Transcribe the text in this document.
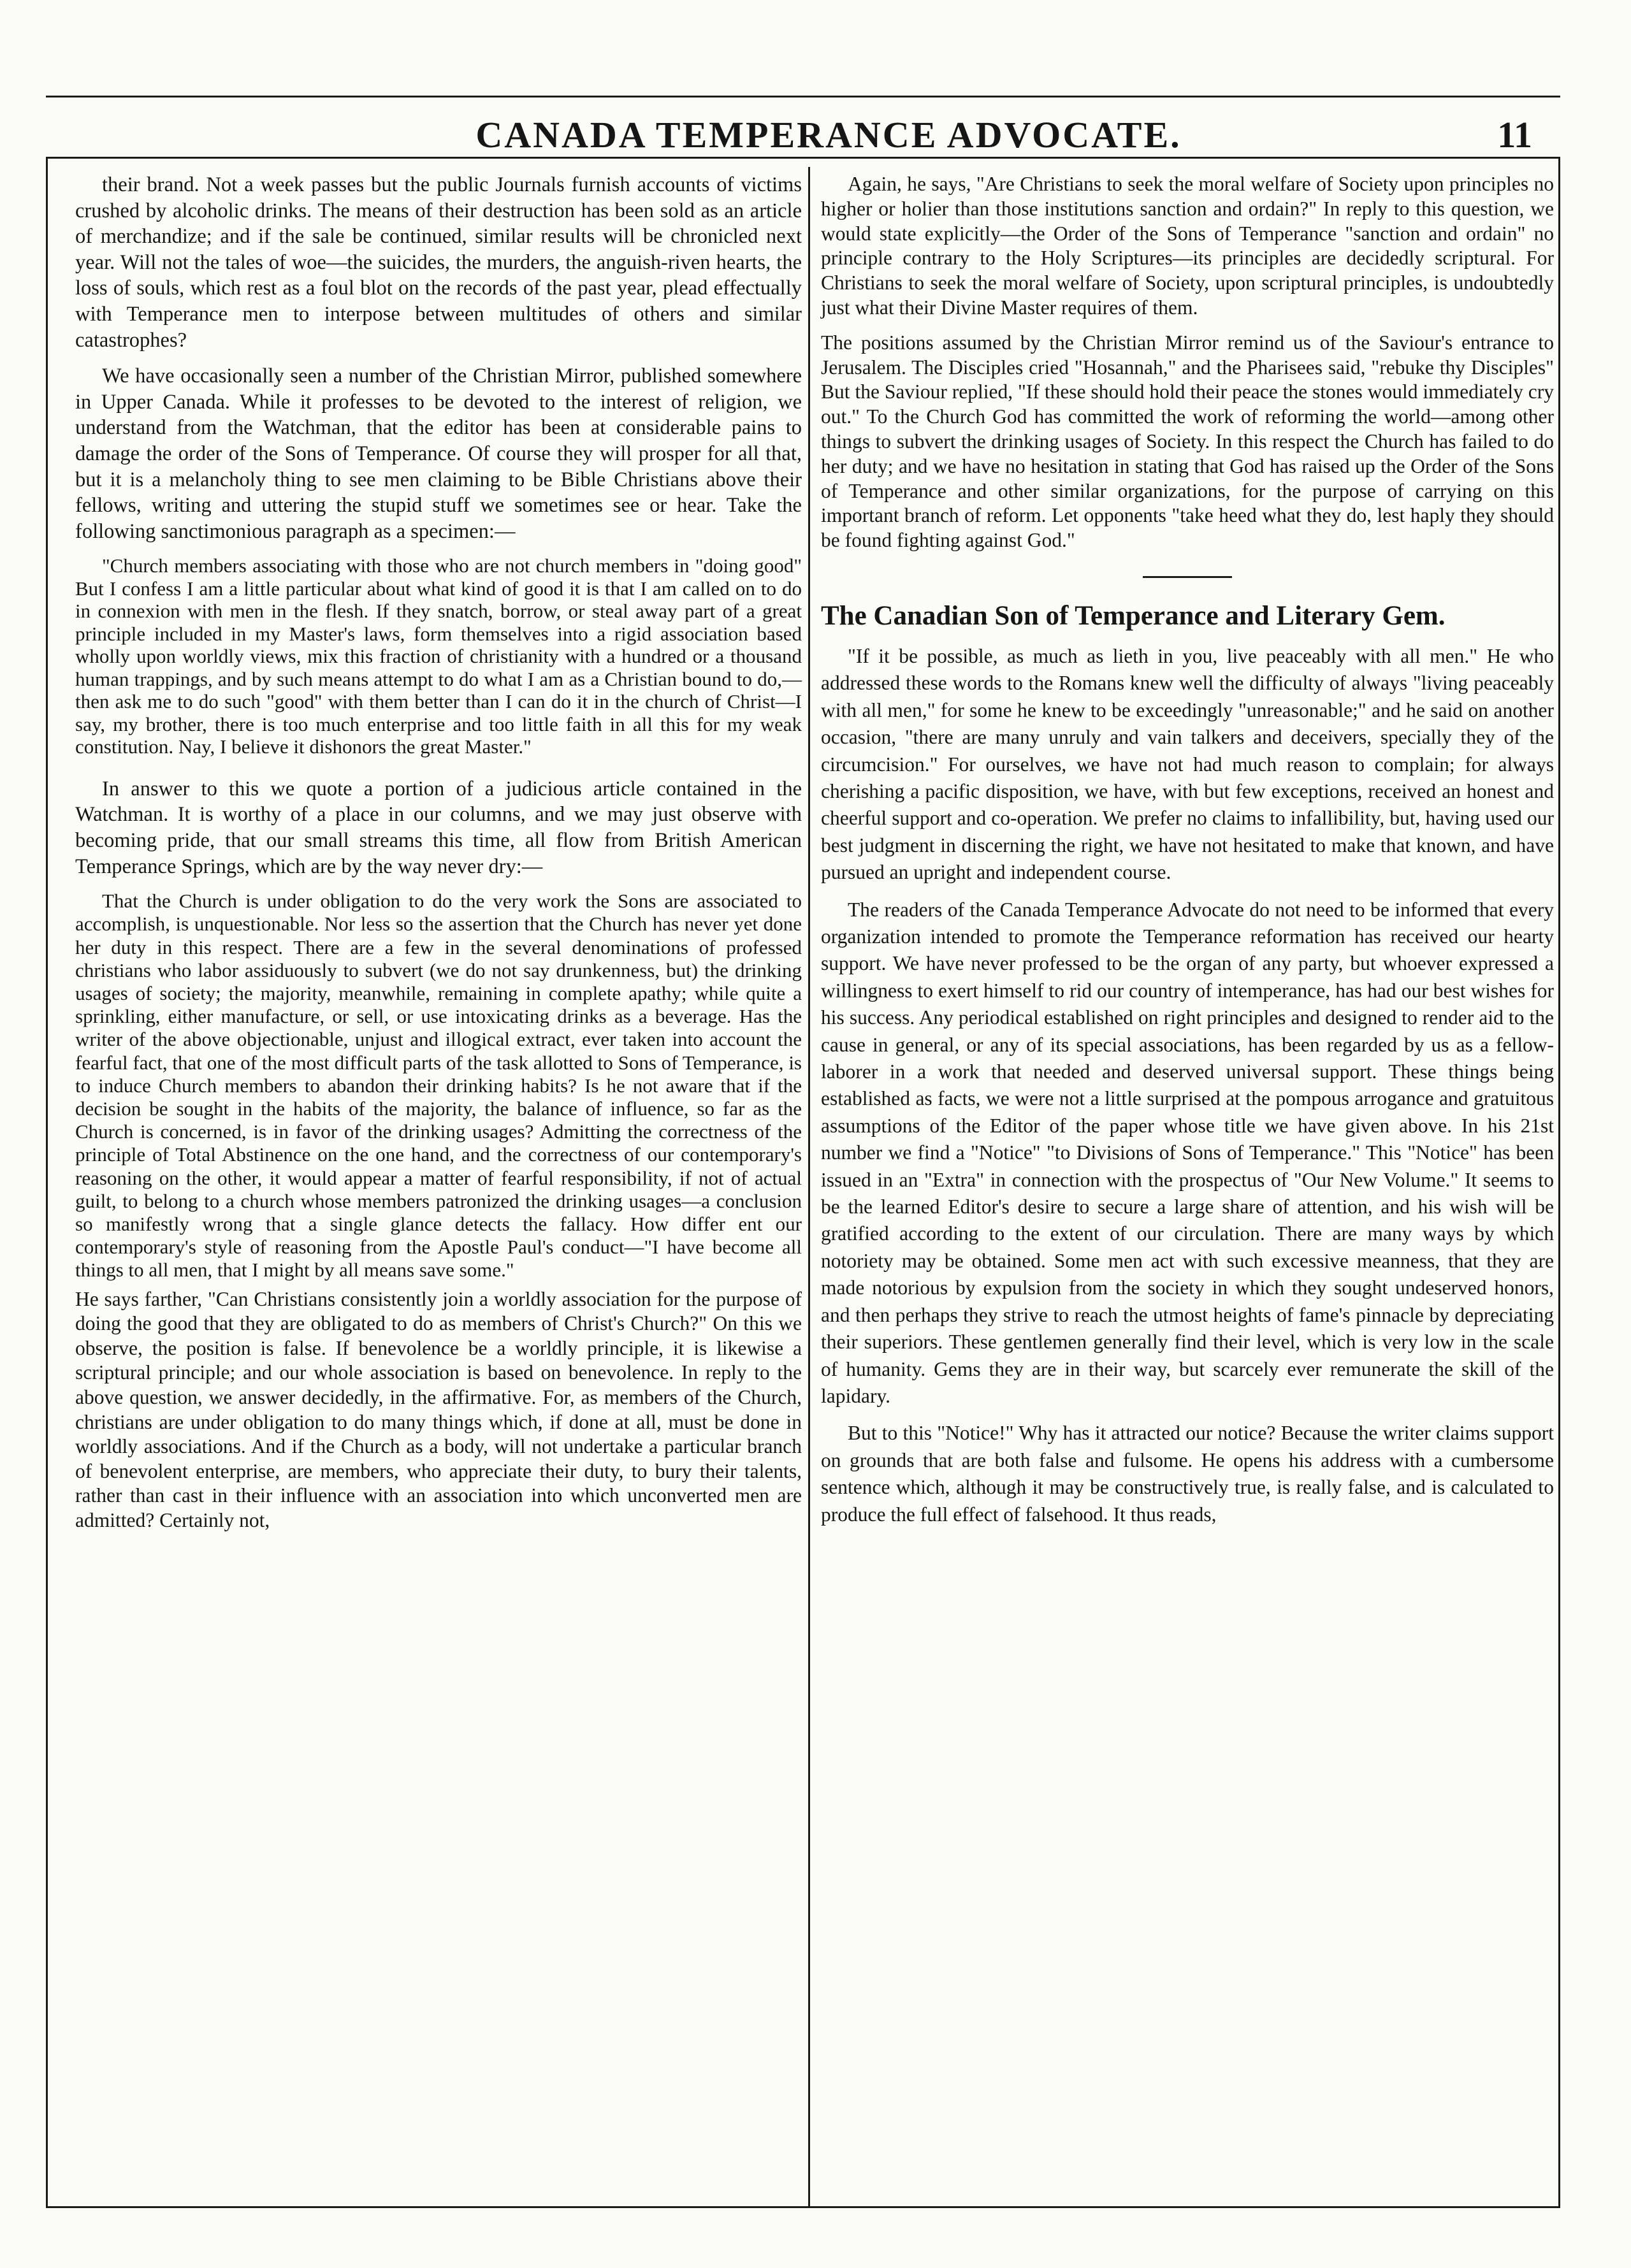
CANADA TEMPERANCE ADVOCATE.	11

their brand. Not a week passes but the public Journals furnish accounts of victims crushed by alcoholic drinks. The means of their destruction has been sold as an article of merchandize; and if the sale be continued, similar results will be chronicled next year. Will not the tales of woe—the suicides, the murders, the anguish-riven hearts, the loss of souls, which rest as a foul blot on the records of the past year, plead effectually with Temperance men to interpose between multitudes of others and similar catastrophes?

We have occasionally seen a number of the Christian Mirror, published somewhere in Upper Canada. While it professes to be devoted to the interest of religion, we understand from the Watchman, that the editor has been at considerable pains to damage the order of the Sons of Temperance. Of course they will prosper for all that, but it is a melancholy thing to see men claiming to be Bible Christians above their fellows, writing and uttering the stupid stuff we sometimes see or hear. Take the following sanctimonious paragraph as a specimen:—

"Church members associating with those who are not church members in "doing good" But I confess I am a little particular about what kind of good it is that I am called on to do in connexion with men in the flesh. If they snatch, borrow, or steal away part of a great principle included in my Master's laws, form themselves into a rigid association based wholly upon worldly views, mix this fraction of christianity with a hundred or a thousand human trappings, and by such means attempt to do what I am as a Christian bound to do,—then ask me to do such "good" with them better than I can do it in the church of Christ—I say, my brother, there is too much enterprise and too little faith in all this for my weak constitution. Nay, I believe it dishonors the great Master."

In answer to this we quote a portion of a judicious article contained in the Watchman. It is worthy of a place in our columns, and we may just observe with becoming pride, that our small streams this time, all flow from British American Temperance Springs, which are by the way never dry:—

That the Church is under obligation to do the very work the Sons are associated to accomplish, is unquestionable. Nor less so the assertion that the Church has never yet done her duty in this respect. There are a few in the several denominations of professed christians who labor assiduously to subvert (we do not say drunkenness, but) the drinking usages of society; the majority, meanwhile, remaining in complete apathy; while quite a sprinkling, either manufacture, or sell, or use intoxicating drinks as a beverage. Has the writer of the above objectionable, unjust and illogical extract, ever taken into account the fearful fact, that one of the most difficult parts of the task allotted to Sons of Temperance, is to induce Church members to abandon their drinking habits? Is he not aware that if the decision be sought in the habits of the majority, the balance of influence, so far as the Church is concerned, is in favor of the drinking usages? Admitting the correctness of the principle of Total Abstinence on the one hand, and the correctness of our contemporary's reasoning on the other, it would appear a matter of fearful responsibility, if not of actual guilt, to belong to a church whose members patronized the drinking usages—a conclusion so manifestly wrong that a single glance detects the fallacy. How differ ent our contemporary's style of reasoning from the Apostle Paul's conduct—"I have become all things to all men, that I might by all means save some."

He says farther, "Can Christians consistently join a worldly association for the purpose of doing the good that they are obligated to do as members of Christ's Church?" On this we observe, the position is false. If benevolence be a worldly principle, it is likewise a scriptural principle; and our whole association is based on benevolence. In reply to the above question, we answer decidedly, in the affirmative. For, as members of the Church, christians are under obligation to do many things which, if done at all, must be done in worldly associations. And if the Church as a body, will not undertake a particular branch of benevolent enterprise, are members, who appreciate their duty, to bury their talents, rather than cast in their influence with an association into which unconverted men are admitted? Certainly not,

Again, he says, "Are Christians to seek the moral welfare of Society upon principles no higher or holier than those institutions sanction and ordain?" In reply to this question, we would state explicitly—the Order of the Sons of Temperance "sanction and ordain" no principle contrary to the Holy Scriptures—its principles are decidedly scriptural. For Christians to seek the moral welfare of Society, upon scriptural principles, is undoubtedly just what their Divine Master requires of them.

The positions assumed by the Christian Mirror remind us of the Saviour's entrance to Jerusalem. The Disciples cried "Hosannah," and the Pharisees said, "rebuke thy Disciples" But the Saviour replied, "If these should hold their peace the stones would immediately cry out." To the Church God has committed the work of reforming the world—among other things to subvert the drinking usages of Society. In this respect the Church has failed to do her duty; and we have no hesitation in stating that God has raised up the Order of the Sons of Temperance and other similar organizations, for the purpose of carrying on this important branch of reform. Let opponents "take heed what they do, lest haply they should be found fighting against God."

The Canadian Son of Temperance and Literary Gem.

"If it be possible, as much as lieth in you, live peaceably with all men." He who addressed these words to the Romans knew well the difficulty of always "living peaceably with all men," for some he knew to be exceedingly "unreasonable;" and he said on another occasion, "there are many unruly and vain talkers and deceivers, specially they of the circumcision." For ourselves, we have not had much reason to complain; for always cherishing a pacific disposition, we have, with but few exceptions, received an honest and cheerful support and co-operation. We prefer no claims to infallibility, but, having used our best judgment in discerning the right, we have not hesitated to make that known, and have pursued an upright and independent course.

The readers of the Canada Temperance Advocate do not need to be informed that every organization intended to promote the Temperance reformation has received our hearty support. We have never professed to be the organ of any party, but whoever expressed a willingness to exert himself to rid our country of intemperance, has had our best wishes for his success. Any periodical established on right principles and designed to render aid to the cause in general, or any of its special associations, has been regarded by us as a fellow-laborer in a work that needed and deserved universal support. These things being established as facts, we were not a little surprised at the pompous arrogance and gratuitous assumptions of the Editor of the paper whose title we have given above. In his 21st number we find a "Notice" "to Divisions of Sons of Temperance." This "Notice" has been issued in an "Extra" in connection with the prospectus of "Our New Volume." It seems to be the learned Editor's desire to secure a large share of attention, and his wish will be gratified according to the extent of our circulation. There are many ways by which notoriety may be obtained. Some men act with such excessive meanness, that they are made notorious by expulsion from the society in which they sought undeserved honors, and then perhaps they strive to reach the utmost heights of fame's pinnacle by depreciating their superiors. These gentlemen generally find their level, which is very low in the scale of humanity. Gems they are in their way, but scarcely ever remunerate the skill of the lapidary.

But to this "Notice!" Why has it attracted our notice? Because the writer claims support on grounds that are both false and fulsome. He opens his address with a cumbersome sentence which, although it may be constructively true, is really false, and is calculated to produce the full effect of falsehood. It thus reads,
